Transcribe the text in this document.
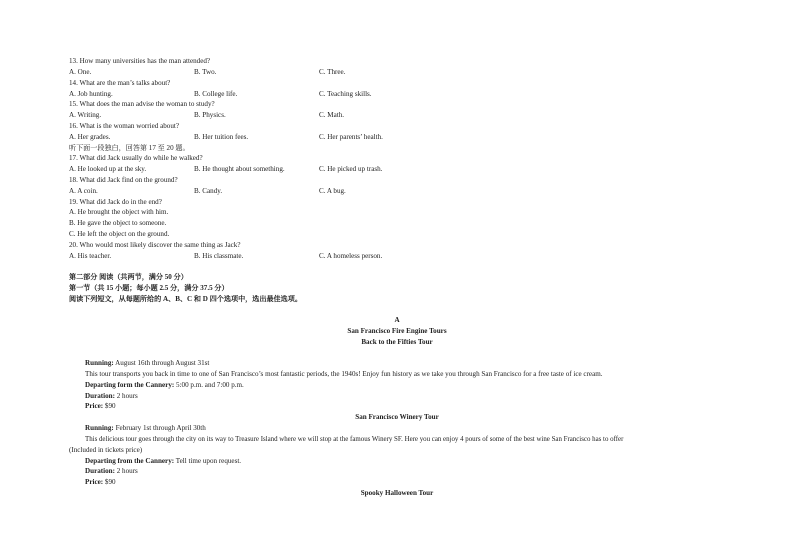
13. How many universities has the man attended?
A. One.	B. Two.	C. Three.
14. What are the man’s talks about?
A. Job hunting.	B. College life.	C. Teaching skills.
15. What does the man advise the woman to study?
A. Writing.	B. Physics.	C. Math.
16. What is the woman worried about?
A. Her grades.	B. Her tuition fees.	C. Her parents’ health.
听下面一段独白，回答第 17 至 20 题。
17. What did Jack usually do while he walked?
A. He looked up at the sky.	B. He thought about something.	C. He picked up trash.
18. What did Jack find on the ground?
A. A coin.	B. Candy.	C. A bug.
19. What did Jack do in the end?
A. He brought the object with him.
B. He gave the object to someone.
C. He left the object on the ground.
20. Who would most likely discover the same thing as Jack?
A. His teacher.	B. His classmate.	C. A homeless person.
第二部分 阅读（共两节，满分 50 分）
第一节（共 15 小题；每小题 2.5 分，满分 37.5 分）
阅读下列短文，从每题所给的 A、B、C 和 D 四个选项中，选出最佳选项。
A
San Francisco Fire Engine Tours
Back to the Fifties Tour
Running: August 16th through August 31st
This tour transports you back in time to one of San Francisco’s most fantastic periods, the 1940s! Enjoy fun history as we take you through San Francisco for a free taste of ice cream.
Departing form the Cannery: 5:00 p.m. and 7:00 p.m.
Duration: 2 hours
Price: $90
San Francisco Winery Tour
Running: February 1st through April 30th
This delicious tour goes through the city on its way to Treasure Island where we will stop at the famous Winery SF. Here you can enjoy 4 pours of some of the best wine San Francisco has to offer
(Included in tickets price)
Departing from the Cannery: Tell time upon request.
Duration: 2 hours
Price: $90
Spooky Halloween Tour
